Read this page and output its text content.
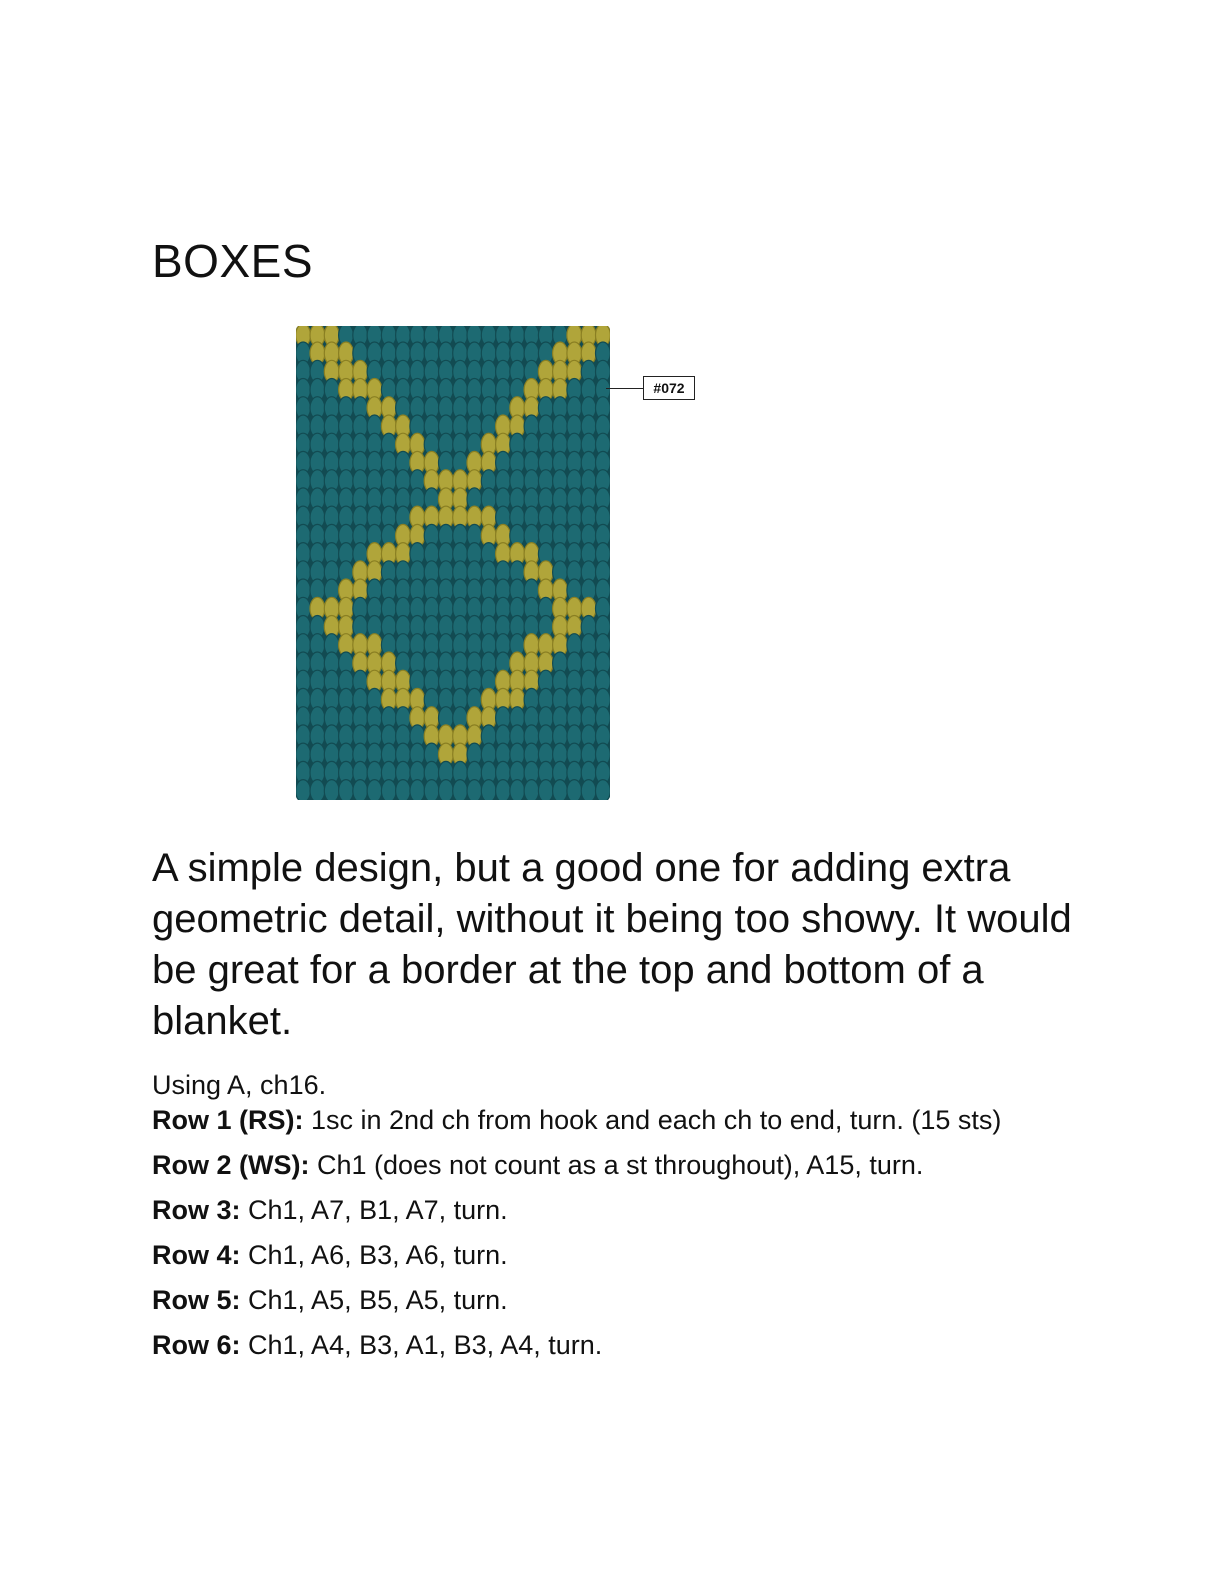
BOXES
#072

A simple design, but a good one for adding extra geometric detail, without it being too showy. It would be great for a border at the top and bottom of a blanket.

Using A, ch16.
Row 1 (RS): 1sc in 2nd ch from hook and each ch to end, turn. (15 sts)
Row 2 (WS): Ch1 (does not count as a st throughout), A15, turn.
Row 3: Ch1, A7, B1, A7, turn.
Row 4: Ch1, A6, B3, A6, turn.
Row 5: Ch1, A5, B5, A5, turn.
Row 6: Ch1, A4, B3, A1, B3, A4, turn.
